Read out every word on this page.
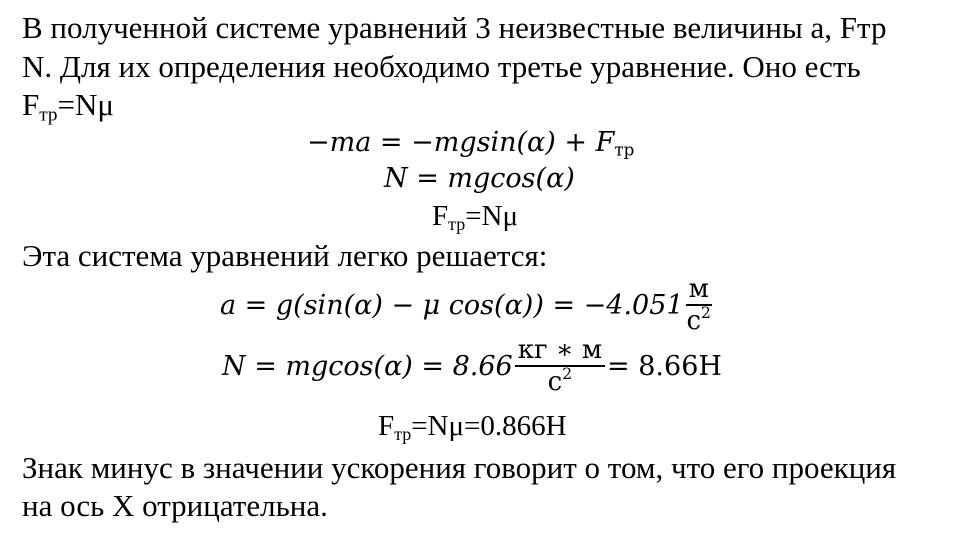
В полученной системе уравнений 3 неизвестные величины a, Fтр

N. Для их определения необходимо третье уравнение. Оно есть

$F_{тр}=N\mu$

$-ma = -mgsin(\alpha) + F_{тр}$
N = mgcos(α)
$F_{тр}=N\mu$

Эта система уравнений легко решается:

a = g(sin(α) − μ $\cos(\alpha)) = -4.051 \frac{м}{с^2}$
$N = mgcos(\alpha) = 8.66 \frac{кг ∗ м}{с^2} = 8.66Н$
$F_{тр}=N\mu=0.866Н$

Знак минус в значении ускорения говорит о том, что его проекция

на ось X отрицательна.
